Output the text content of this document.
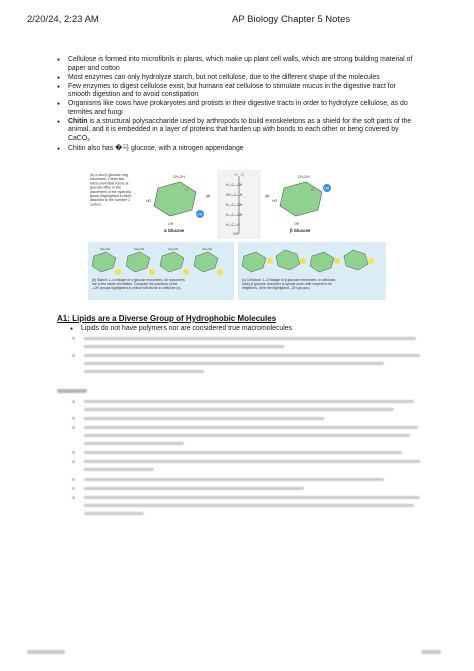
2/20/24, 2:23 AM	AP Biology Chapter 5 Notes
● Cellulose is formed into microfibrils in plants, which make up plant cell walls, which are strong building material of paper and cotton
● Most enzymes can only hydrolyze starch, but not cellulose, due to the different shape of the molecules
● Few enzymes to digest cellulose exist, but humans eat cellulose to stimulate mucus in the digestive tract for smooth digestion and to avoid constipation
● Organisms like cows have prokaryotes and protists in their digestive tracts in order to hydrolyze cellulose, as do termites and fungi
● Chitin is a structural polysaccharide used by arthropods to build exoskeletons as a shield for the soft parts of the animal, and it is embedded in a layer of proteins that harden up with bonds to each other or beng covered by CaCO$_3$
● Chitin also has �马 glucose, with a nitrogen appendange
(a) α and β glucose ring structures. These two interconvertible forms of glucose differ in the placement of the hydroxyl group (highlighted in blue) attached to the number 1 carbon.
CH₂OH
O
OH
HO
OH
α Glucose
⇌
H O
H—C—OH
HO—C—H
H—C—OH
H—C—OH
H—C—H
OH
⇌
CH₂OH
O	OH
HO
OH
β Glucose
CH₂OH	CH₂OH	CH₂OH	CH₂OH
(b) Starch: 1–4 linkage of α glucose monomers. All monomers are in the same orientation. Compare the positions of the –OH groups highlighted in yellow with those in cellulose (c).
(c) Cellulose: 1–4 linkage of β glucose monomers. In cellulose, every β glucose monomer is upside down with respect to its neighbors. (See the highlighted –OH groups.)
A1: Lipids are a Diverse Group of Hydrophobic Molecules
● Lipids do not have polymers nor are considered true macromolecules
